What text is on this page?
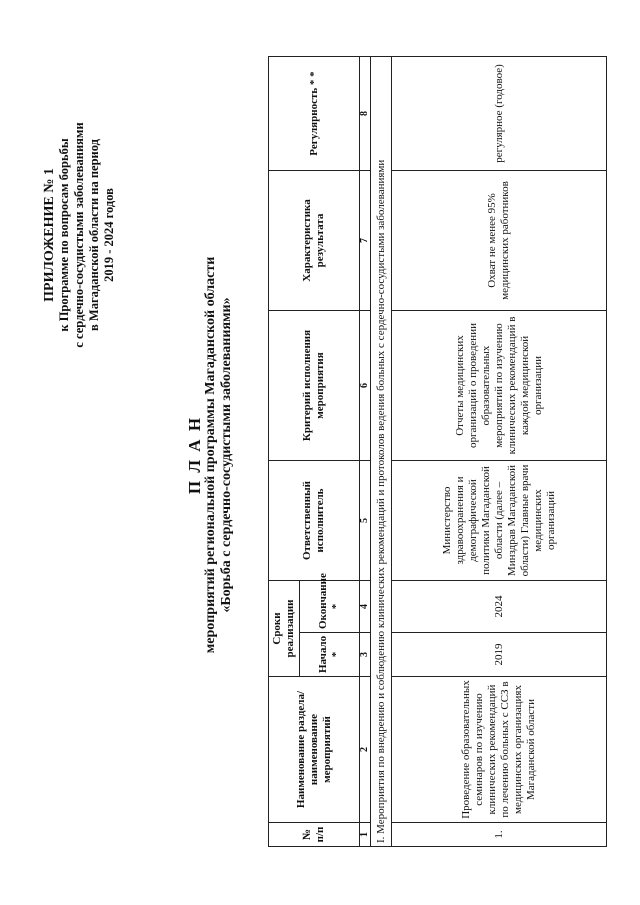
ПРИЛОЖЕНИЕ № 1 к Программе по вопросам борьбы с сердечно-сосудистыми заболеваниями в Магаданской области на период 2019 - 2024 годов

П Л А Н мероприятий региональной программы Магаданской области «Борьба с сердечно-сосудистыми заболеваниями»

№ п/п	Наименование раздела/наименование мероприятий	Сроки реализации		Ответственный исполнитель	Критерий исполнения мероприятия	Характеристика результата	Регулярность * *
		Начало *	Окончание *				
1	2	3	4	5	6	7	8
I. Мероприятия по внедрению и соблюдению клинических рекомендаций и протоколов ведения больных с сердечно-сосудистыми заболеваниями							
1.	Проведение образовательных семинаров по изучению клинических рекомендаций по лечению больных с ССЗ в медицинских организациях Магаданской области	2019	2024	Министерство здравоохранения и демографической политики Магаданской области (далее – Минздрав Магаданской области) Главные врачи медицинских организаций	Отчеты медицинских организаций о проведении образовательных мероприятий по изучению клинических рекомендаций в каждой медицинской организации	Охват не менее 95% медицинских работников	регулярное (годовое)
